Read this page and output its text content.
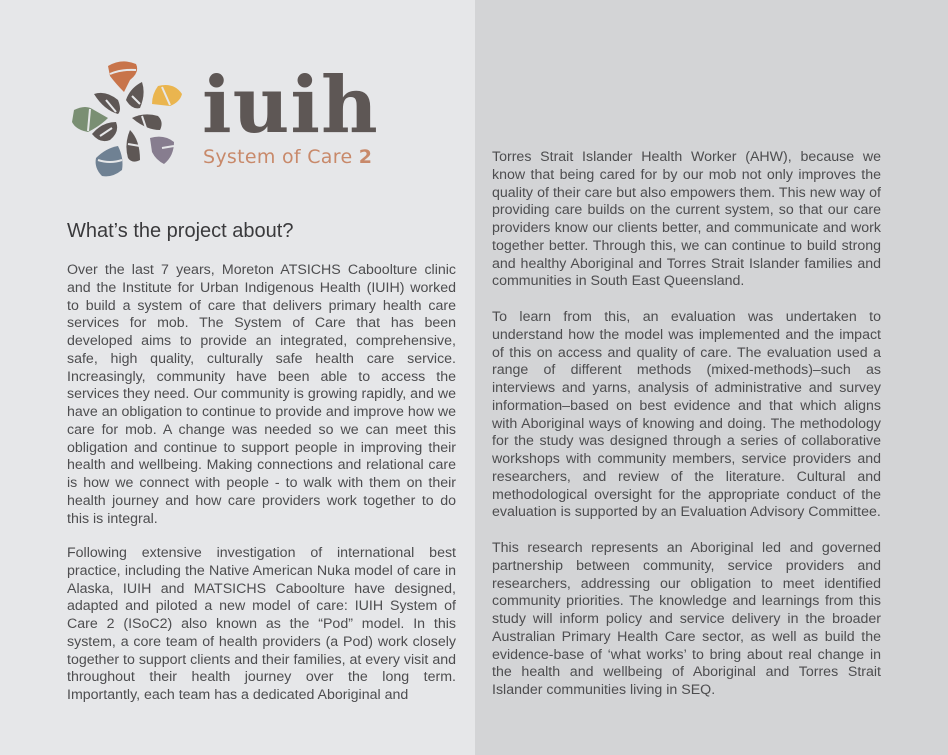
iuih
System of Care 2
What’s the project about?

Over the last 7 years, Moreton ATSICHS Caboolture clinic and the Institute for Urban Indigenous Health (IUIH) worked to build a system of care that delivers primary health care services for mob. The System of Care that has been developed aims to provide an integrated, comprehensive, safe, high quality, culturally safe health care service. Increasingly, community have been able to access the services they need. Our community is growing rapidly, and we have an obligation to continue to provide and improve how we care for mob. A change was needed so we can meet this obligation and continue to support people in improving their health and wellbeing. Making connections and relational care is how we connect with people - to walk with them on their health journey and how care providers work together to do this is integral.

Following extensive investigation of international best practice, including the Native American Nuka model of care in Alaska, IUIH and MATSICHS Caboolture have designed, adapted and piloted a new model of care: IUIH System of Care 2 (ISoC2) also known as the “Pod” model. In this system, a core team of health providers (a Pod) work closely together to support clients and their families, at every visit and throughout their health journey over the long term. Importantly, each team has a dedicated Aboriginal and

Torres Strait Islander Health Worker (AHW), because we know that being cared for by our mob not only improves the quality of their care but also empowers them. This new way of providing care builds on the current system, so that our care providers know our clients better, and communicate and work together better. Through this, we can continue to build strong and healthy Aboriginal and Torres Strait Islander families and communities in South East Queensland.

To learn from this, an evaluation was undertaken to understand how the model was implemented and the impact of this on access and quality of care. The evaluation used a range of different methods (mixed-methods)–such as interviews and yarns, analysis of administrative and survey information–based on best evidence and that which aligns with Aboriginal ways of knowing and doing. The methodology for the study was designed through a series of collaborative workshops with community members, service providers and researchers, and review of the literature. Cultural and methodological oversight for the appropriate conduct of the evaluation is supported by an Evaluation Advisory Committee.

This research represents an Aboriginal led and governed partnership between community, service providers and researchers, addressing our obligation to meet identified community priorities. The knowledge and learnings from this study will inform policy and service delivery in the broader Australian Primary Health Care sector, as well as build the evidence-base of ‘what works’ to bring about real change in the health and wellbeing of Aboriginal and Torres Strait Islander communities living in SEQ.
